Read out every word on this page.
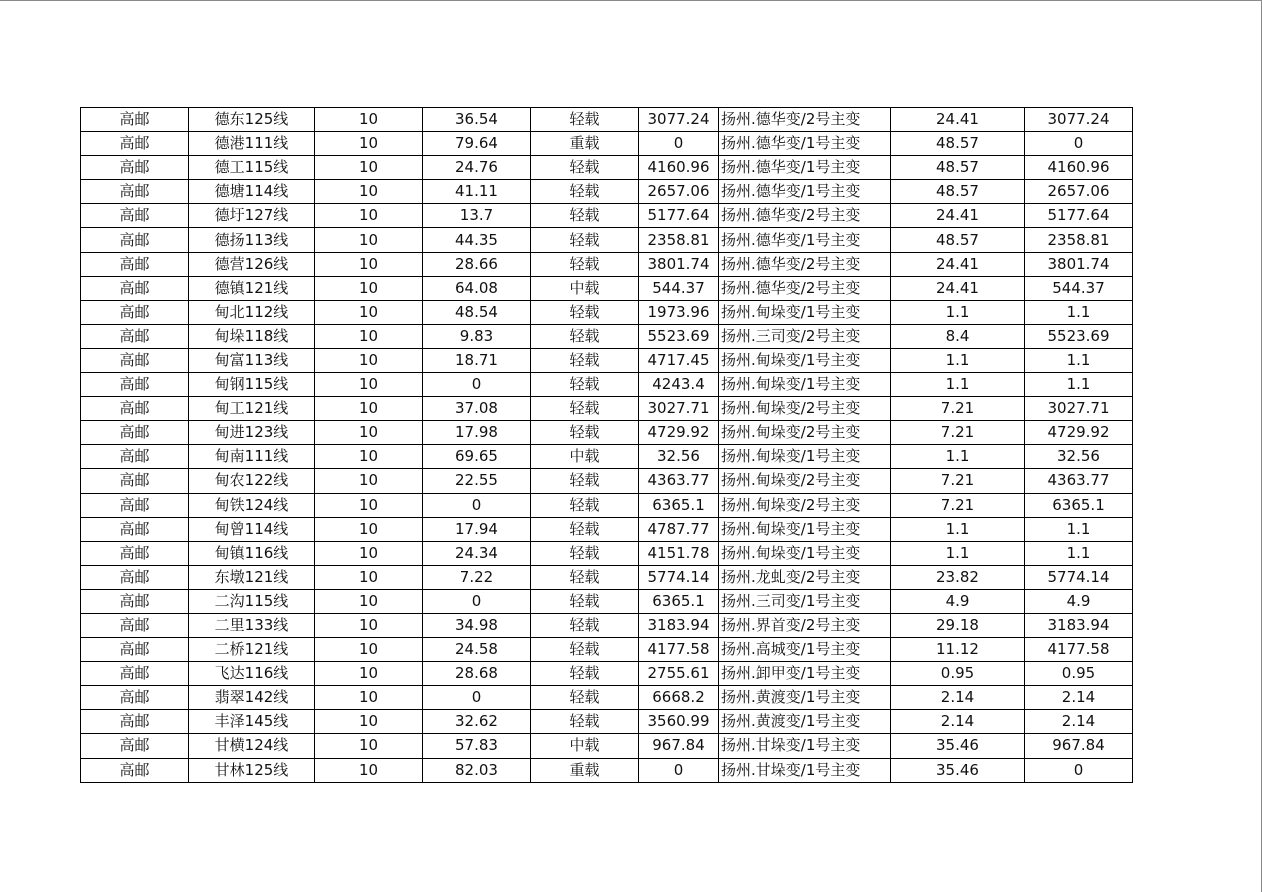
高邮	德东125线	10	36.54	轻载	3077.24	扬州.德华变/2号主变	24.41	3077.24
高邮	德港111线	10	79.64	重载	0	扬州.德华变/1号主变	48.57	0
高邮	德工115线	10	24.76	轻载	4160.96	扬州.德华变/1号主变	48.57	4160.96
高邮	德塘114线	10	41.11	轻载	2657.06	扬州.德华变/1号主变	48.57	2657.06
高邮	德圩127线	10	13.7	轻载	5177.64	扬州.德华变/2号主变	24.41	5177.64
高邮	德扬113线	10	44.35	轻载	2358.81	扬州.德华变/1号主变	48.57	2358.81
高邮	德营126线	10	28.66	轻载	3801.74	扬州.德华变/2号主变	24.41	3801.74
高邮	德镇121线	10	64.08	中载	544.37	扬州.德华变/2号主变	24.41	544.37
高邮	甸北112线	10	48.54	轻载	1973.96	扬州.甸垛变/1号主变	1.1	1.1
高邮	甸垛118线	10	9.83	轻载	5523.69	扬州.三司变/2号主变	8.4	5523.69
高邮	甸富113线	10	18.71	轻载	4717.45	扬州.甸垛变/1号主变	1.1	1.1
高邮	甸钢115线	10	0	轻载	4243.4	扬州.甸垛变/1号主变	1.1	1.1
高邮	甸工121线	10	37.08	轻载	3027.71	扬州.甸垛变/2号主变	7.21	3027.71
高邮	甸进123线	10	17.98	轻载	4729.92	扬州.甸垛变/2号主变	7.21	4729.92
高邮	甸南111线	10	69.65	中载	32.56	扬州.甸垛变/1号主变	1.1	32.56
高邮	甸农122线	10	22.55	轻载	4363.77	扬州.甸垛变/2号主变	7.21	4363.77
高邮	甸铁124线	10	0	轻载	6365.1	扬州.甸垛变/2号主变	7.21	6365.1
高邮	甸曾114线	10	17.94	轻载	4787.77	扬州.甸垛变/1号主变	1.1	1.1
高邮	甸镇116线	10	24.34	轻载	4151.78	扬州.甸垛变/1号主变	1.1	1.1
高邮	东墩121线	10	7.22	轻载	5774.14	扬州.龙虬变/2号主变	23.82	5774.14
高邮	二沟115线	10	0	轻载	6365.1	扬州.三司变/1号主变	4.9	4.9
高邮	二里133线	10	34.98	轻载	3183.94	扬州.界首变/2号主变	29.18	3183.94
高邮	二桥121线	10	24.58	轻载	4177.58	扬州.高城变/1号主变	11.12	4177.58
高邮	飞达116线	10	28.68	轻载	2755.61	扬州.卸甲变/1号主变	0.95	0.95
高邮	翡翠142线	10	0	轻载	6668.2	扬州.黄渡变/1号主变	2.14	2.14
高邮	丰泽145线	10	32.62	轻载	3560.99	扬州.黄渡变/1号主变	2.14	2.14
高邮	甘横124线	10	57.83	中载	967.84	扬州.甘垛变/1号主变	35.46	967.84
高邮	甘林125线	10	82.03	重载	0	扬州.甘垛变/1号主变	35.46	0
